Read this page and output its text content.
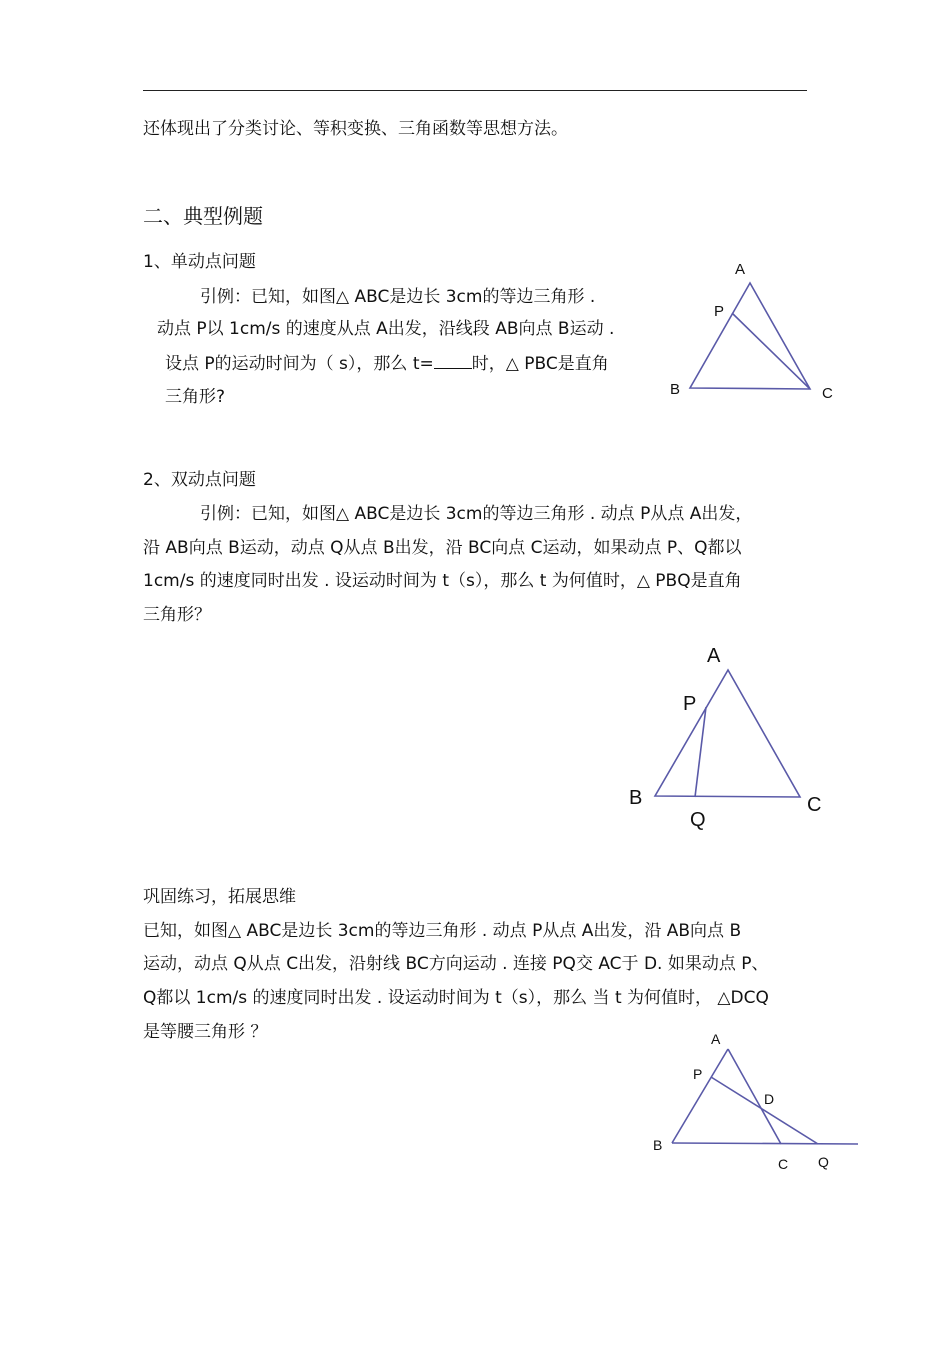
还体现出了分类讨论、等积变换、三角函数等思想方法。
二、典型例题
1、单动点问题
引例：已知，如图△ ABC是边长 3cm的等边三角形 .
动点 P以 1cm/s 的速度从点 A出发，沿线段 AB向点 B运动 .
设点 P的运动时间为（ s），那么 t= 时，△ PBC是直角
三角形?
A
P
B	C
2、双动点问题
引例：已知，如图△ ABC是边长 3cm的等边三角形 . 动点 P从点 A出发，
沿 AB向点 B运动，动点 Q从点 B出发，沿 BC向点 C运动，如果动点 P、Q都以
1cm/s 的速度同时出发 . 设运动时间为 t（s），那么 t 为何值时，△ PBQ是直角
三角形？
A
P
B	C
Q
巩固练习，拓展思维
已知，如图△ ABC是边长 3cm的等边三角形 . 动点 P从点 A出发，沿 AB向点 B
运动，动点 Q从点 C出发，沿射线 BC方向运动 . 连接 PQ交 AC于 D. 如果动点 P、
Q都以 1cm/s 的速度同时出发 . 设运动时间为 t（s），那么 当 t 为何值时， △DCQ
是等腰三角形 ？	A
P
D
B
C Q
